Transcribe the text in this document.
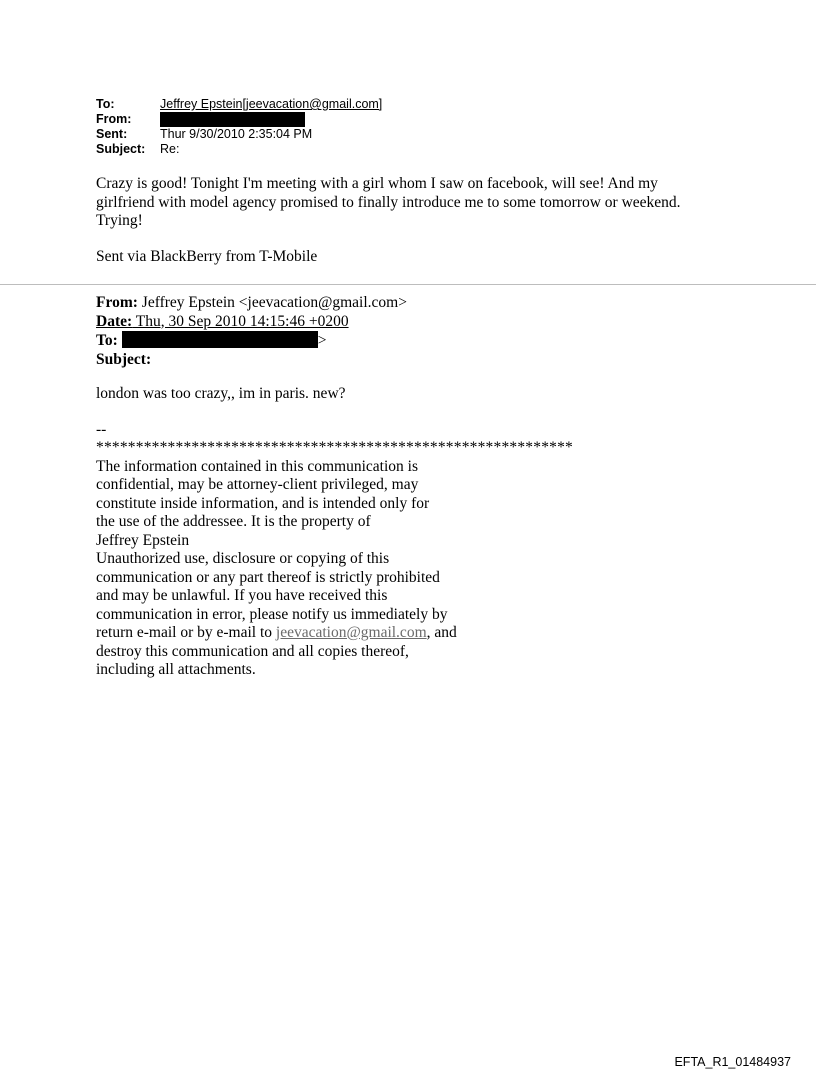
To:	Jeffrey Epstein[jeevacation@gmail.com]
From:
Sent:	Thur 9/30/2010 2:35:04 PM
Subject:	Re:

Crazy is good! Tonight I'm meeting with a girl whom I saw on facebook, will see! And my girlfriend with model agency promised to finally introduce me to some tomorrow or weekend. Trying!

Sent via BlackBerry from T-Mobile

From: Jeffrey Epstein <jeevacation@gmail.com>
Date: Thu, 30 Sep 2010 14:15:46 +0200
To:	>
Subject:

london was too crazy,, im in paris. new?

--

************************************************************

The information contained in this communication is
confidential, may be attorney-client privileged, may
constitute inside information, and is intended only for
the use of the addressee. It is the property of
Jeffrey Epstein
Unauthorized use, disclosure or copying of this
communication or any part thereof is strictly prohibited
and may be unlawful. If you have received this
communication in error, please notify us immediately by
return e-mail or by e-mail to jeevacation@gmail.com, and
destroy this communication and all copies thereof,
including all attachments.
EFTA_R1_01484937
